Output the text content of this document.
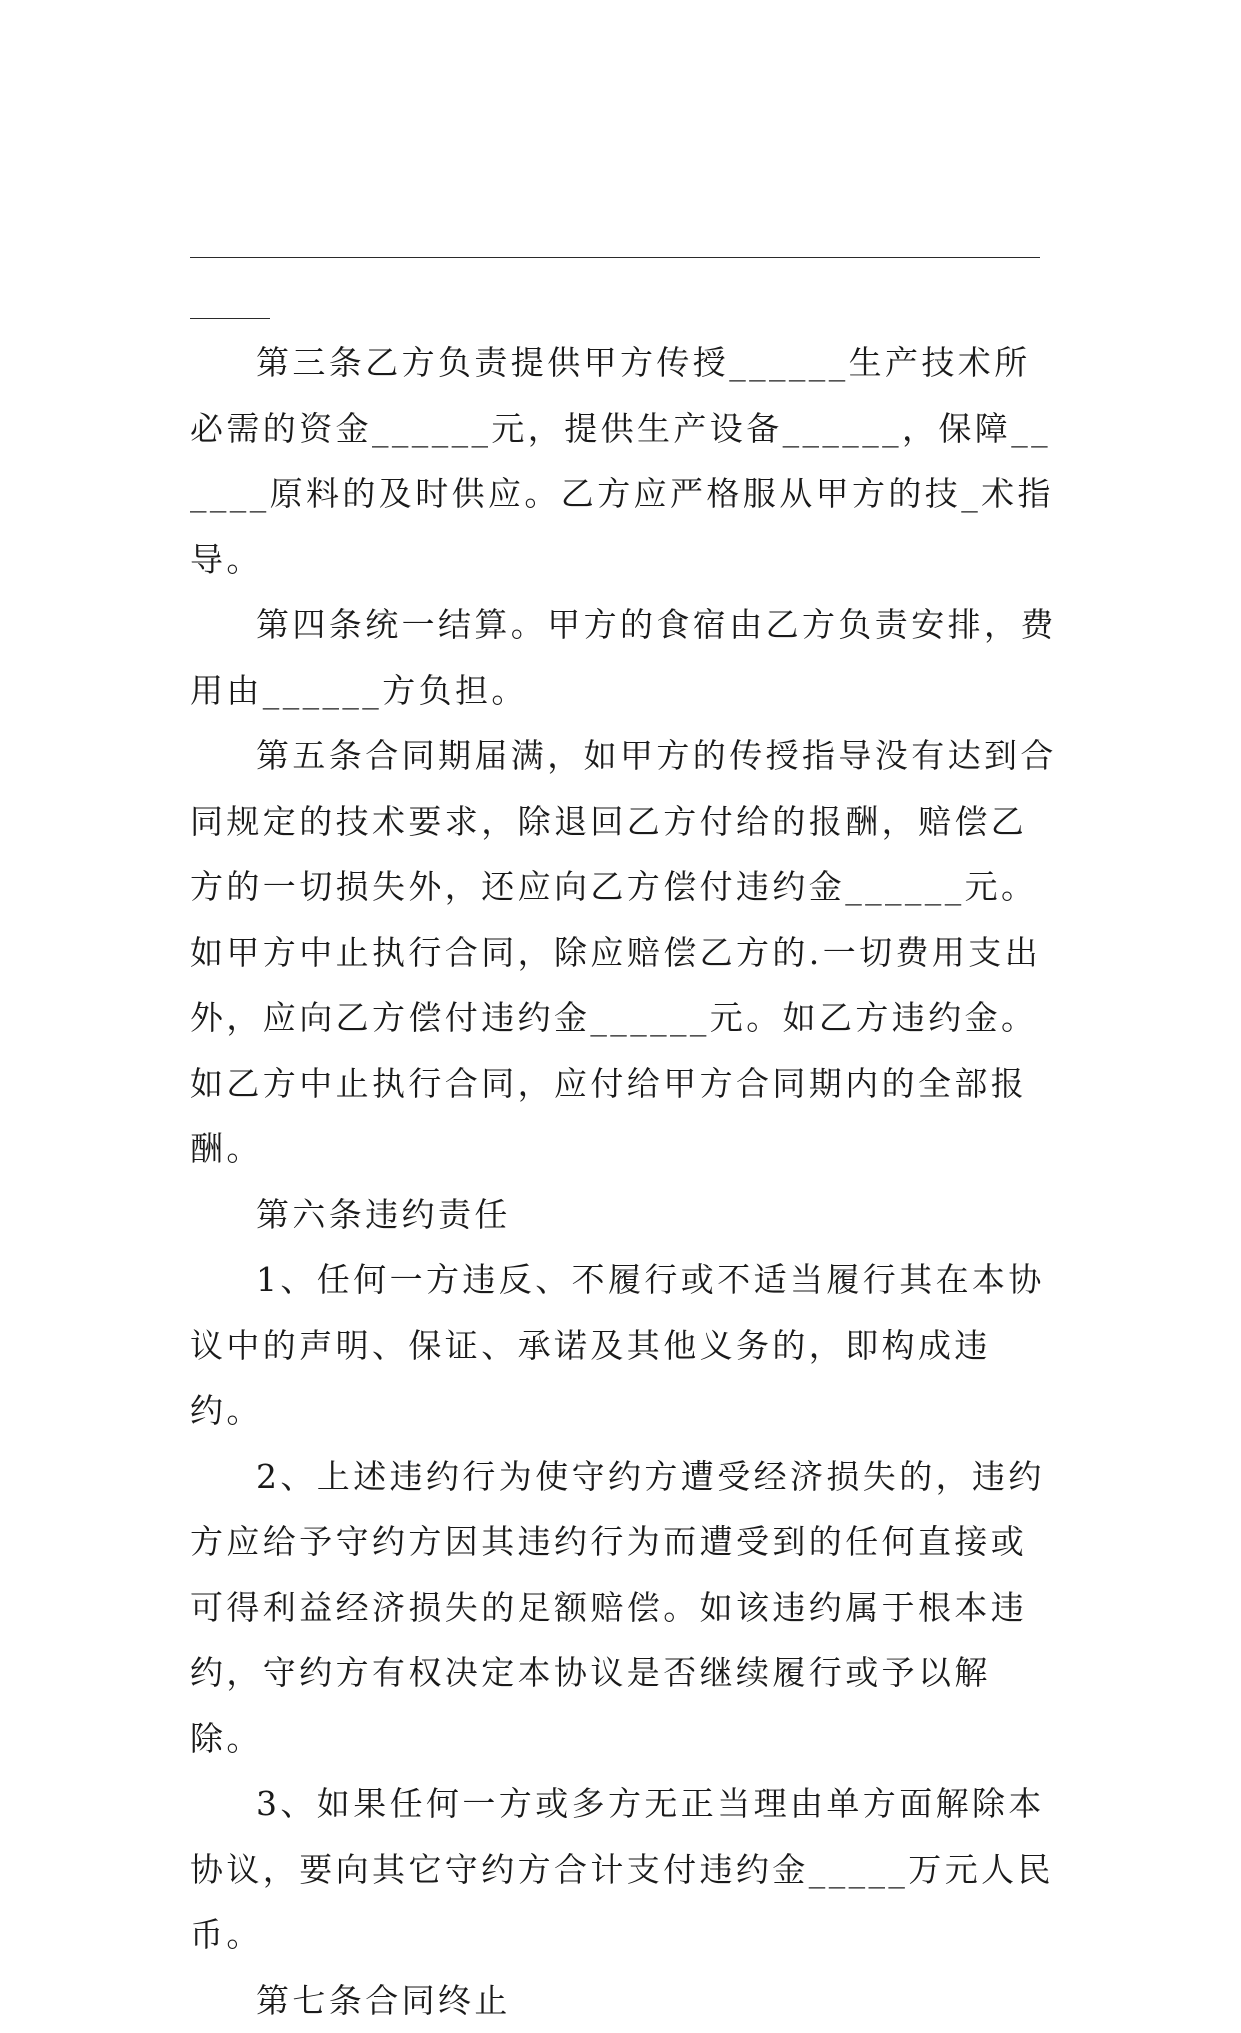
第三条乙方负责提供甲方传授______生产技术所必需的资金______元，提供生产设备______，保障______原料的及时供应。乙方应严格服从甲方的技_术指导。

第四条统一结算。甲方的食宿由乙方负责安排，费用由______方负担。

第五条合同期届满，如甲方的传授指导没有达到合同规定的技术要求，除退回乙方付给的报酬，赔偿乙方的一切损失外，还应向乙方偿付违约金______元。如甲方中止执行合同，除应赔偿乙方的.一切费用支出外，应向乙方偿付违约金______元。如乙方违约金。如乙方中止执行合同，应付给甲方合同期内的全部报酬。

第六条违约责任

1、任何一方违反、不履行或不适当履行其在本协议中的声明、保证、承诺及其他义务的，即构成违约。

2、上述违约行为使守约方遭受经济损失的，违约方应给予守约方因其违约行为而遭受到的任何直接或可得利益经济损失的足额赔偿。如该违约属于根本违约，守约方有权决定本协议是否继续履行或予以解除。

3、如果任何一方或多方无正当理由单方面解除本协议，要向其它守约方合计支付违约金_____万元人民币。

第七条合同终止
